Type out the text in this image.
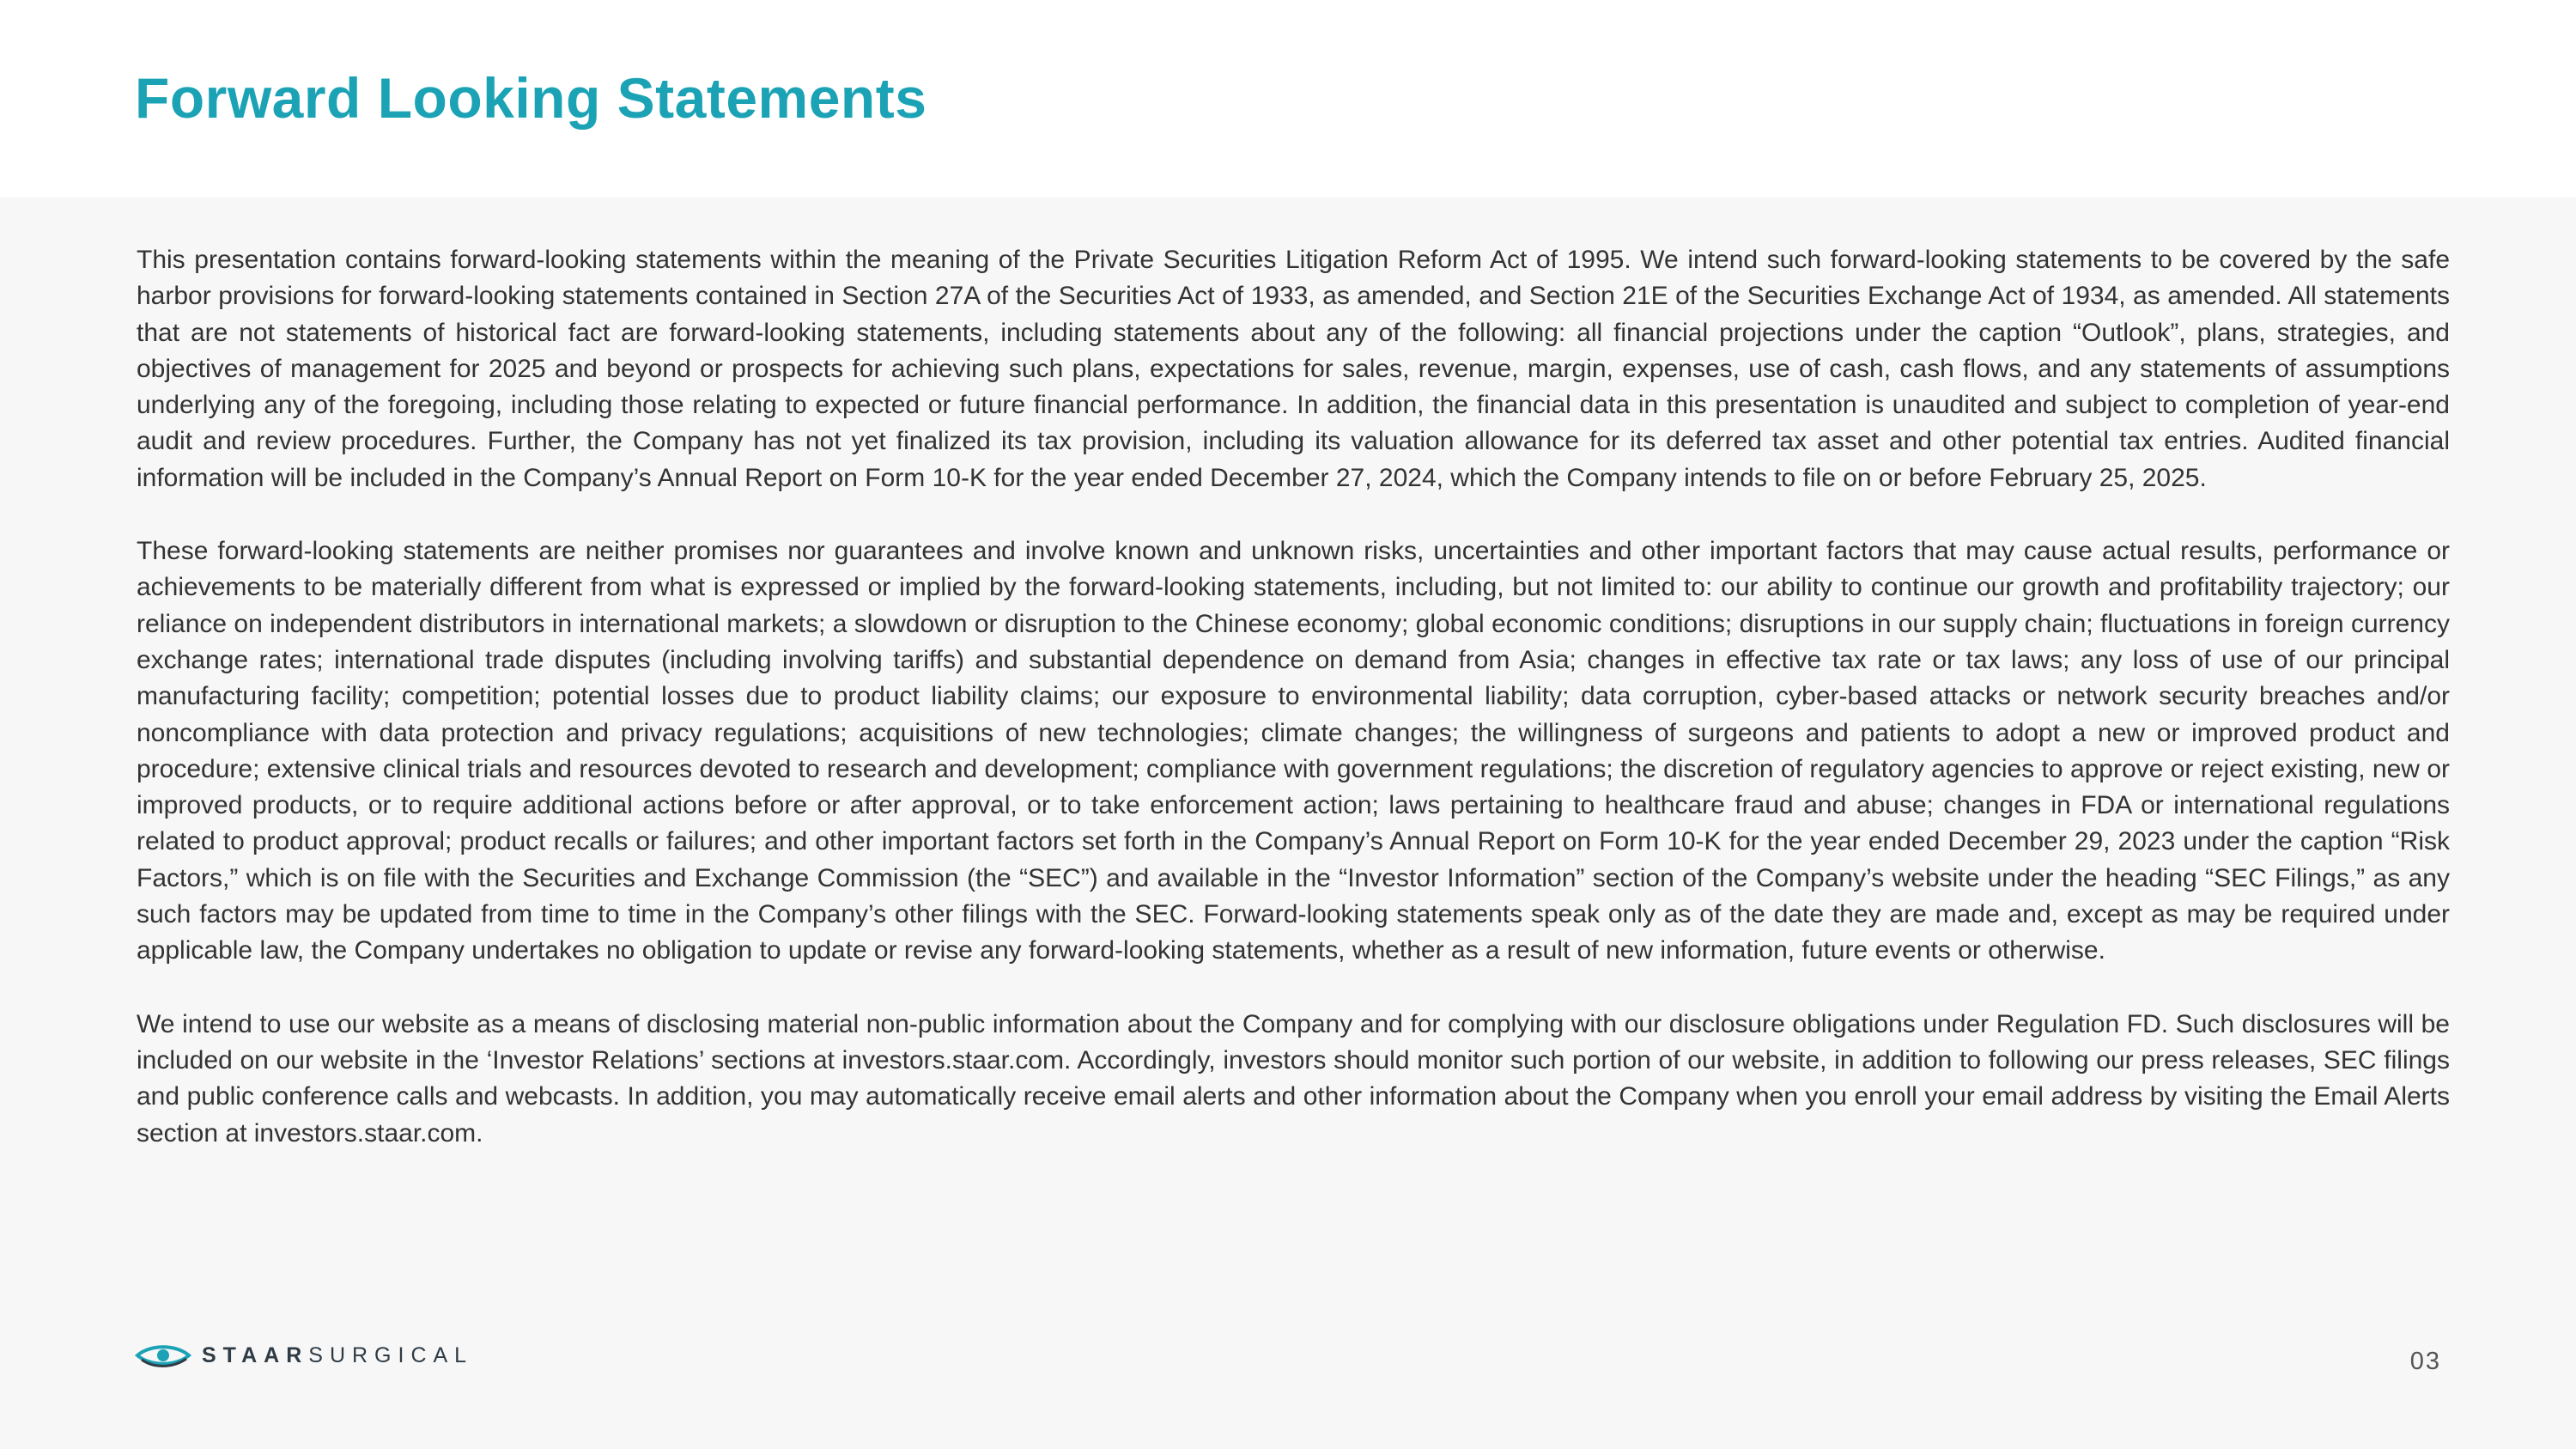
Forward Looking Statements

This presentation contains forward-looking statements within the meaning of the Private Securities Litigation Reform Act of 1995. We intend such forward-looking statements to be covered by the safe harbor provisions for forward-looking statements contained in Section 27A of the Securities Act of 1933, as amended, and Section 21E of the Securities Exchange Act of 1934, as amended. All statements that are not statements of historical fact are forward-looking statements, including statements about any of the following: all financial projections under the caption “Outlook”, plans, strategies, and objectives of management for 2025 and beyond or prospects for achieving such plans, expectations for sales, revenue, margin, expenses, use of cash, cash flows, and any statements of assumptions underlying any of the foregoing, including those relating to expected or future financial performance. In addition, the financial data in this presentation is unaudited and subject to completion of year-end audit and review procedures. Further, the Company has not yet finalized its tax provision, including its valuation allowance for its deferred tax asset and other potential tax entries. Audited financial information will be included in the Company’s Annual Report on Form 10-K for the year ended December 27, 2024, which the Company intends to file on or before February 25, 2025.

These forward-looking statements are neither promises nor guarantees and involve known and unknown risks, uncertainties and other important factors that may cause actual results, performance or achievements to be materially different from what is expressed or implied by the forward-looking statements, including, but not limited to: our ability to continue our growth and profitability trajectory; our reliance on independent distributors in international markets; a slowdown or disruption to the Chinese economy; global economic conditions; disruptions in our supply chain; fluctuations in foreign currency exchange rates; international trade disputes (including involving tariffs) and substantial dependence on demand from Asia; changes in effective tax rate or tax laws; any loss of use of our principal manufacturing facility; competition; potential losses due to product liability claims; our exposure to environmental liability; data corruption, cyber-based attacks or network security breaches and/or noncompliance with data protection and privacy regulations; acquisitions of new technologies; climate changes; the willingness of surgeons and patients to adopt a new or improved product and procedure; extensive clinical trials and resources devoted to research and development; compliance with government regulations; the discretion of regulatory agencies to approve or reject existing, new or improved products, or to require additional actions before or after approval, or to take enforcement action; laws pertaining to healthcare fraud and abuse; changes in FDA or international regulations related to product approval; product recalls or failures; and other important factors set forth in the Company’s Annual Report on Form 10-K for the year ended December 29, 2023 under the caption “Risk Factors,” which is on file with the Securities and Exchange Commission (the “SEC”) and available in the “Investor Information” section of the Company’s website under the heading “SEC Filings,” as any such factors may be updated from time to time in the Company’s other filings with the SEC. Forward-looking statements speak only as of the date they are made and, except as may be required under applicable law, the Company undertakes no obligation to update or revise any forward-looking statements, whether as a result of new information, future events or otherwise.

We intend to use our website as a means of disclosing material non-public information about the Company and for complying with our disclosure obligations under Regulation FD. Such disclosures will be included on our website in the ‘Investor Relations’ sections at investors.staar.com. Accordingly, investors should monitor such portion of our website, in addition to following our press releases, SEC filings and public conference calls and webcasts. In addition, you may automatically receive email alerts and other information about the Company when you enroll your email address by visiting the Email Alerts section at investors.staar.com.

STAAR SURGICAL	03
